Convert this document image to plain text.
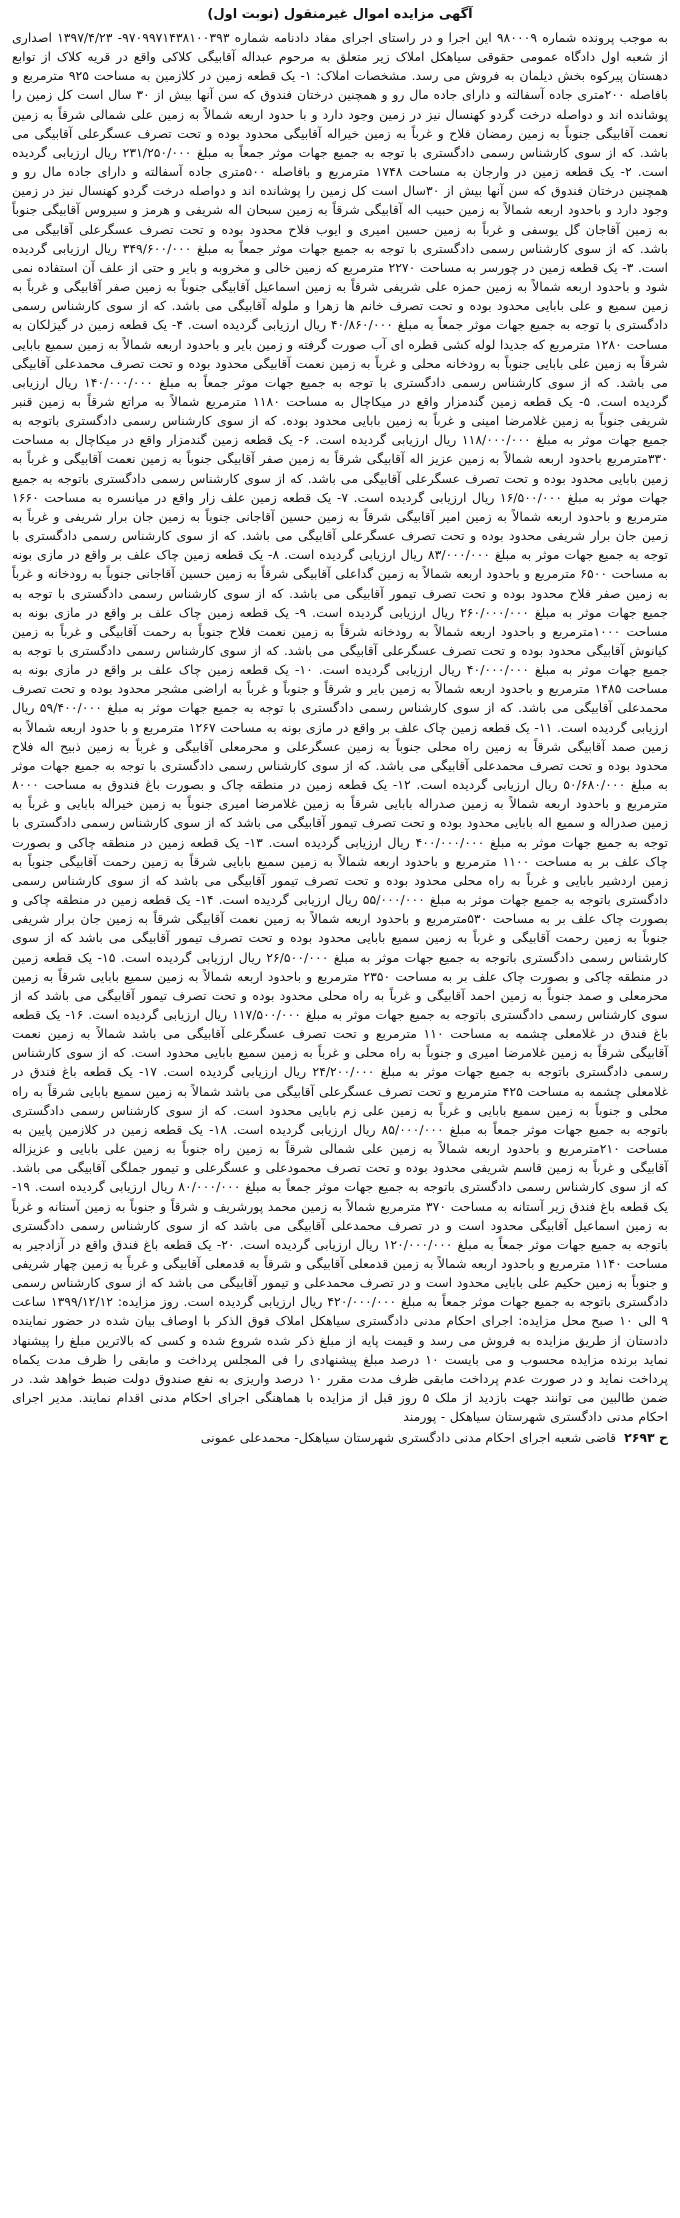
آگهی مزایده اموال غیرمنقول (نوبت اول)

به موجب پرونده شماره ۹۸۰۰۰۹ این اجرا و در راستای اجرای مفاد دادنامه شماره ۹۷۰۹۹۷۱۴۳۸۱۰۰۳۹۳- ۱۳۹۷/۴/۲۳ اصداری از شعبه اول دادگاه عمومی حقوقی سیاهکل املاک زیر متعلق به مرحوم عبداله آقابیگی کلاکی واقع در قریه کلاک از توابع دهستان پیرکوه بخش دیلمان به فروش می رسد. مشخصات املاک: ۱- یک قطعه زمین در کلازمین به مساحت ۹۲۵ مترمربع و بافاصله ۲۰۰متری جاده آسفالته و دارای جاده مال رو و همچنین درختان فندوق که سن آنها بیش از ۳۰ سال است کل زمین را پوشانده اند و دواصله درخت گردو کهنسال نیز در زمین وجود دارد و با حدود اربعه شمالاً به زمین علی شمالی شرقاً به زمین نعمت آقابیگی جنوباً به زمین رمضان فلاح و غرباً به زمین خیراله آقابیگی محدود بوده و تحت تصرف عسگرعلی آقابیگی می باشد. که از سوی کارشناس رسمی دادگستری با توجه به جمیع جهات موثر جمعاً به مبلغ ۲۳۱/۲۵۰/۰۰۰ ریال ارزیابی گردیده است. ۲- یک قطعه زمین در وارجان به مساحت ۱۷۴۸ مترمربع و بافاصله ۵۰۰متری جاده آسفالته و دارای جاده مال رو و همچنین درختان فندوق که سن آنها بیش از ۳۰سال است کل زمین را پوشانده اند و دواصله درخت گردو کهنسال نیز در زمین وجود دارد و باحدود اربعه شمالاً به زمین حبیب اله آقابیگی شرقاً به زمین سبحان اله شریفی و هرمز و سیروس آقابیگی جنوباً به زمین آقاجان گل یوسفی و غرباً به زمین حسین امیری و ایوب فلاح محدود بوده و تحت تصرف عسگرعلی آقابیگی می باشد. که از سوی کارشناس رسمی دادگستری با توجه به جمیع جهات موثر جمعاً به مبلغ ۳۴۹/۶۰۰/۰۰۰ ریال ارزیابی گردیده است. ۳- یک قطعه زمین در چورسر به مساحت ۲۲۷۰ مترمربع که زمین خالی و مخروبه و بایر و حتی از علف آن استفاده نمی شود و باحدود اربعه شمالاً به زمین حمزه علی شریفی شرقاً به زمین اسماعیل آقابیگی جنوباً به زمین صفر آقابیگی و غرباً به زمین سمیع و علی بابایی محدود بوده و تحت تصرف خانم ها زهرا و ملوله آقابیگی می باشد. که از سوی کارشناس رسمی دادگستری با توجه به جمیع جهات موثر جمعاً به مبلغ ۴۰/۸۶۰/۰۰۰ ریال ارزیابی گردیده است. ۴- یک قطعه زمین در گیزلکان به مساحت ۱۲۸۰ مترمربع که جدیدا لوله کشی قطره ای آب صورت گرفته و زمین بایر و باحدود اربعه شمالاً به زمین سمیع بابایی شرقاً به زمین علی بابایی جنوباً به رودخانه محلی و غرباً به زمین نعمت آقابیگی محدود بوده و تحت تصرف محمدعلی آقابیگی می باشد. که از سوی کارشناس رسمی دادگستری با توجه به جمیع جهات موثر جمعاً به مبلغ ۱۴۰/۰۰۰/۰۰۰ ریال ارزیابی گردیده است. ۵- یک قطعه زمین گندمزار واقع در میکاچال به مساحت ۱۱۸۰ مترمربع شمالاً به مراتع شرقاً به زمین قنبر شریفی جنوباً به زمین غلامرضا امینی و غرباً به زمین بابایی محدود بوده. که از سوی کارشناس رسمی دادگستری باتوجه به جمیع جهات موثر به مبلغ ۱۱۸/۰۰۰/۰۰۰ ریال ارزیابی گردیده است. ۶- یک قطعه زمین گندمزار واقع در میکاچال به مساحت ۳۳۰مترمربع باحدود اربعه شمالاً به زمین عزیز اله آقابیگی شرقاً به زمین صفر آقابیگی جنوباً به زمین نعمت آقابیگی و غرباً به زمین بابایی محدود بوده و تحت تصرف عسگرعلی آقابیگی می باشد. که از سوی کارشناس رسمی دادگستری باتوجه به جمیع جهات موثر به مبلغ ۱۶/۵۰۰/۰۰۰ ریال ارزیابی گردیده است. ۷- یک قطعه زمین علف زار واقع در میانسره به مساحت ۱۶۶۰ مترمربع و باحدود اربعه شمالاً به زمین امیر آقابیگی شرقاً به زمین حسین آقاجانی جنوباً به زمین جان برار شریفی و غرباً به زمین جان برار شریفی محدود بوده و تحت تصرف عسگرعلی آقابیگی می باشد. که از سوی کارشناس رسمی دادگستری با توجه به جمیع جهات موثر به مبلغ ۸۳/۰۰۰/۰۰۰ ریال ارزیابی گردیده است. ۸- یک قطعه زمین چاک علف بر واقع در مازی بونه به مساحت ۶۵۰۰ مترمربع و باحدود اربعه شمالاً به زمین گداعلی آقابیگی شرقاً به زمین حسین آقاجانی جنوباً به رودخانه و غرباً به زمین صفر فلاح محدود بوده و تحت تصرف تیمور آقابیگی می باشد. که از سوی کارشناس رسمی دادگستری با توجه به جمیع جهات موثر به مبلغ ۲۶۰/۰۰۰/۰۰۰ ریال ارزیابی گردیده است. ۹- یک قطعه زمین چاک علف بر واقع در مازی بونه به مساحت ۱۰۰۰مترمربع و باحدود اربعه شمالاً به رودخانه شرقاً به زمین نعمت فلاح جنوباً به رحمت آقابیگی و غرباً به زمین کیانوش آقابیگی محدود بوده و تحت تصرف عسگرعلی آقابیگی می باشد. که از سوی کارشناس رسمی دادگستری با توجه به جمیع جهات موثر به مبلغ ۴۰/۰۰۰/۰۰۰ ریال ارزیابی گردیده است. ۱۰- یک قطعه زمین چاک علف بر واقع در مازی بونه به مساحت ۱۴۸۵ مترمربع و باحدود اربعه شمالاً به زمین بایر و شرقاً و جنوباً و غرباً به اراضی مشجر محدود بوده و تحت تصرف محمدعلی آقابیگی می باشد. که از سوی کارشناس رسمی دادگستری با توجه به جمیع جهات موثر به مبلغ ۵۹/۴۰۰/۰۰۰ ریال ارزیابی گردیده است. ۱۱- یک قطعه زمین چاک علف بر واقع در مازی بونه به مساحت ۱۲۶۷ مترمربع و با حدود اربعه شمالاً به زمین صمد آقابیگی شرقاً به زمین راه محلی جنوباً به زمین عسگرعلی و محرمعلی آقابیگی و غرباً به زمین ذبیح اله فلاح محدود بوده و تحت تصرف محمدعلی آقابیگی می باشد. که از سوی کارشناس رسمی دادگستری با توجه به جمیع جهات موثر به مبلغ ۵۰/۶۸۰/۰۰۰ ریال ارزیابی گردیده است. ۱۲- یک قطعه زمین در منطقه چاک و بصورت باغ فندوق به مساحت ۸۰۰۰ مترمربع و باحدود اربعه شمالاً به زمین صدراله بابایی شرقاً به زمین غلامرضا امیری جنوباً به زمین خیراله بابایی و غرباً به زمین صدراله و سمیع اله بابایی محدود بوده و تحت تصرف تیمور آقابیگی می باشد که از سوی کارشناس رسمی دادگستری با توجه به جمیع جهات موثر به مبلغ ۴۰۰/۰۰۰/۰۰۰ ریال ارزیابی گردیده است. ۱۳- یک قطعه زمین در منطقه چاکی و بصورت چاک علف بر به مساحت ۱۱۰۰ مترمربع و باحدود اربعه شمالاً به زمین سمیع بابایی شرقاً به زمین رحمت آقابیگی جنوباً به زمین اردشیر بابایی و غرباً به راه محلی محدود بوده و تحت تصرف تیمور آقابیگی می باشد که از سوی کارشناس رسمی دادگستری باتوجه به جمیع جهات موثر به مبلغ ۵۵/۰۰۰/۰۰۰ ریال ارزیابی گردیده است. ۱۴- یک قطعه زمین در منطقه چاکی و بصورت چاک علف بر به مساحت ۵۳۰مترمربع و باحدود اربعه شمالاً به زمین نعمت آقابیگی شرقاً به زمین جان برار شریفی جنوباً به زمین رحمت آقابیگی و غرباً به زمین سمیع بابایی محدود بوده و تحت تصرف تیمور آقابیگی می باشد که از سوی کارشناس رسمی دادگستری باتوجه به جمیع جهات موثر به مبلغ ۲۶/۵۰۰/۰۰۰ ریال ارزیابی گردیده است. ۱۵- یک قطعه زمین در منطقه چاکی و بصورت چاک علف بر به مساحت ۲۳۵۰ مترمربع و باحدود اربعه شمالاً به زمین سمیع بابایی شرقاً به زمین محرمعلی و صمد جنوباً به زمین احمد آقابیگی و غرباً به راه محلی محدود بوده و تحت تصرف تیمور آقابیگی می باشد که از سوی کارشناس رسمی دادگستری باتوجه به جمیع جهات موثر به مبلغ ۱۱۷/۵۰۰/۰۰۰ ریال ارزیابی گردیده است. ۱۶- یک قطعه باغ فندق در غلامعلی چشمه به مساحت ۱۱۰ مترمربع و تحت تصرف عسگرعلی آقابیگی می باشد شمالاً به زمین نعمت آقابیگی شرقاً به زمین غلامرضا امیری و جنوباً به راه محلی و غرباً به زمین سمیع بابایی محدود است. که از سوی کارشناس رسمی دادگستری باتوجه به جمیع جهات موثر به مبلغ ۲۴/۲۰۰/۰۰۰ ریال ارزیابی گردیده است. ۱۷- یک قطعه باغ فندق در غلامعلی چشمه به مساحت ۴۲۵ مترمربع و تحت تصرف عسگرعلی آقابیگی می باشد شمالاً به زمین سمیع بابایی شرقاً به راه محلی و جنوباً به زمین سمیع بابایی و غرباً به زمین علی زم بابایی محدود است. که از سوی کارشناس رسمی دادگستری باتوجه به جمیع جهات موثر جمعاً به مبلغ ۸۵/۰۰۰/۰۰۰ ریال ارزیابی گردیده است. ۱۸- یک قطعه زمین در کلازمین پایین به مساحت ۲۱۰مترمربع و باحدود اربعه شمالاً به زمین علی شمالی شرقاً به زمین راه جنوباً به زمین علی بابایی و عزیزاله آقابیگی و غرباً به زمین قاسم شریفی محدود بوده و تحت تصرف محمودعلی و عسگرعلی و تیمور جملگی آقابیگی می باشد. که از سوی کارشناس رسمی دادگستری باتوجه به جمیع جهات موثر جمعاً به مبلغ ۸۰/۰۰۰/۰۰۰ ریال ارزیابی گردیده است. ۱۹- یک قطعه باغ فندق زیر آستانه به مساحت ۳۷۰ مترمربع شمالاً به زمین محمد پورشریف و شرقاً و جنوباً به زمین آستانه و غرباً به زمین اسماعیل آقابیگی محدود است و در تصرف محمدعلی آقابیگی می باشد که از سوی کارشناس رسمی دادگستری باتوجه به جمیع جهات موثر جمعاً به مبلغ ۱۲۰/۰۰۰/۰۰۰ ریال ارزیابی گردیده است. ۲۰- یک قطعه باغ فندق واقع در آزادجیر به مساحت ۱۱۴۰ مترمربع و باحدود اربعه شمالاً به زمین قدمعلی آقابیگی و شرقاً به قدمعلی آقابیگی و غرباً به زمین چهار شریفی و جنوباً به زمین حکیم علی بابایی محدود است و در تصرف محمدعلی و تیمور آقابیگی می باشد که از سوی کارشناس رسمی دادگستری باتوجه به جمیع جهات موثر جمعاً به مبلغ ۴۲۰/۰۰۰/۰۰۰ ریال ارزیابی گردیده است. روز مزایده: ۱۳۹۹/۱۲/۱۲ ساعت ۹ الی ۱۰ صبح محل مزایده: اجرای احکام مدنی دادگستری سیاهکل املاک فوق الذکر با اوصاف بیان شده در حضور نماینده دادستان از طریق مزایده به فروش می رسد و قیمت پایه از مبلغ ذکر شده شروع شده و کسی که بالاترین مبلغ را پیشنهاد نماید برنده مزایده محسوب و می بایست ۱۰ درصد مبلغ پیشنهادی را فی المجلس پرداخت و مابقی را ظرف مدت یکماه پرداخت نماید و در صورت عدم پرداخت مابقی ظرف مدت مقرر ۱۰ درصد واریزی به نفع صندوق دولت ضبط خواهد شد. در ضمن طالبین می توانند جهت بازدید از ملک ۵ روز قبل از مزایده با هماهنگی اجرای احکام مدنی اقدام نمایند. مدیر اجرای احکام مدنی دادگستری شهرستان سیاهکل - پورمند

ح ۲۶۹۳
قاضی شعبه اجرای احکام مدنی دادگستری شهرستان سیاهکل- محمدعلی عمونی
